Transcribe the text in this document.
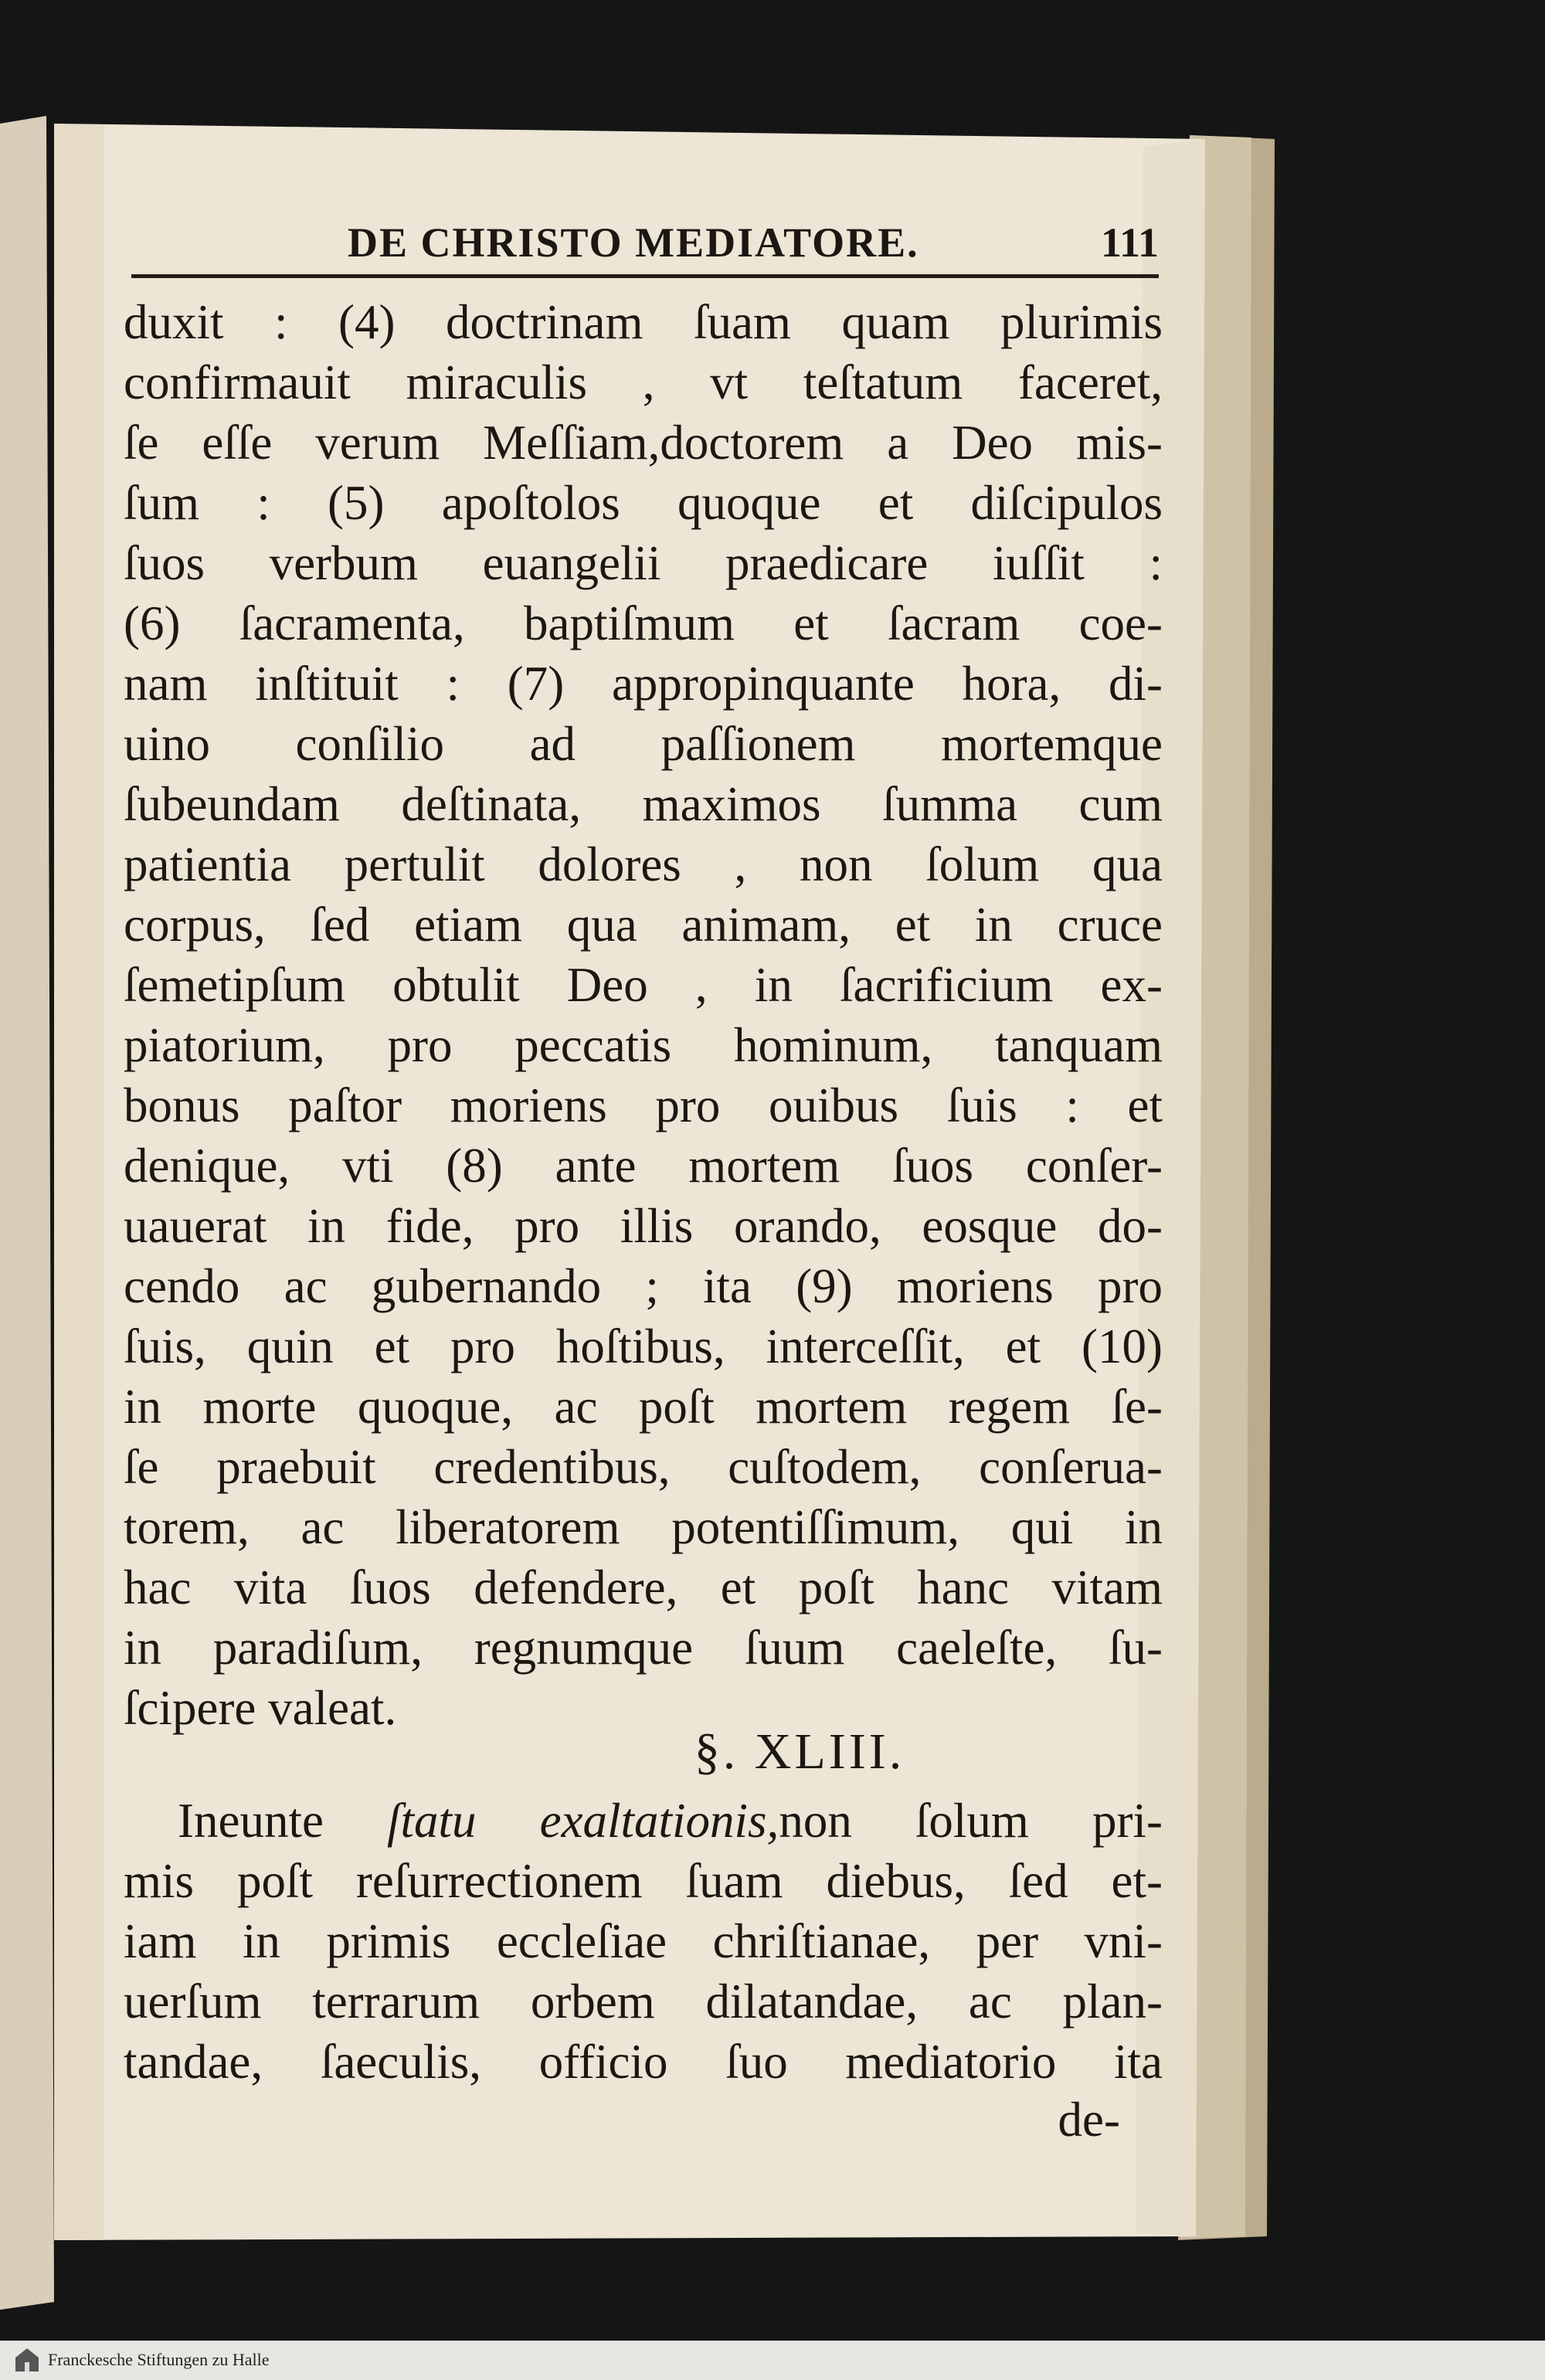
DE CHRISTO MEDIATORE.	111
duxit : (4) doctrinam ſuam quam plurimis
confirmauit miraculis , vt teſtatum faceret,
ſe eſſe verum Meſſiam,doctorem a Deo mis-
ſum : (5) apoſtolos quoque et diſcipulos
ſuos verbum euangelii praedicare iuſſit :
(6) ſacramenta, baptiſmum et ſacram coe-
nam inſtituit : (7) appropinquante hora, di-
uino conſilio ad paſſionem mortemque
ſubeundam deſtinata, maximos ſumma cum
patientia pertulit dolores , non ſolum qua
corpus, ſed etiam qua animam, et in cruce
ſemetipſum obtulit Deo , in ſacrificium ex-
piatorium, pro peccatis hominum, tanquam
bonus paſtor moriens pro ouibus ſuis : et
denique, vti (8) ante mortem ſuos conſer-
uauerat in fide, pro illis orando, eosque do-
cendo ac gubernando ; ita (9) moriens pro
ſuis, quin et pro hoſtibus, interceſſit, et (10)
in morte quoque, ac poſt mortem regem ſe-
ſe praebuit credentibus, cuſtodem, conſerua-
torem, ac liberatorem potentiſſimum, qui in
hac vita ſuos defendere, et poſt hanc vitam
in paradiſum, regnumque ſuum caeleſte, ſu-
ſcipere valeat.
§. XLIII.
Ineunte ſtatu exaltationis,non ſolum pri-
mis poſt reſurrectionem ſuam diebus, ſed et-
iam in primis eccleſiae chriſtianae, per vni-
uerſum terrarum orbem dilatandae, ac plan-
tandae, ſaeculis, officio ſuo mediatorio ita
de-
Franckesche Stiftungen zu Halle
